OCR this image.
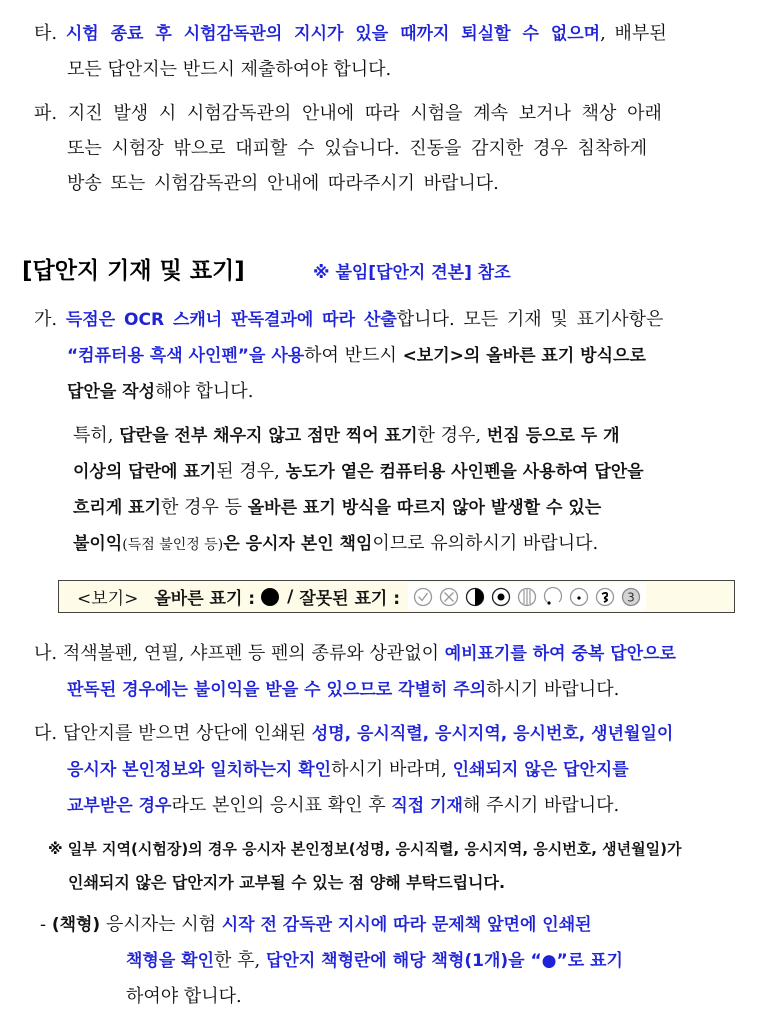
타. 시험 종료 후 시험감독관의 지시가 있을 때까지 퇴실할 수 없으며, 배부된
모든 답안지는 반드시 제출하여야 합니다.
파. 지진 발생 시 시험감독관의 안내에 따라 시험을 계속 보거나 책상 아래
또는 시험장 밖으로 대피할 수 있습니다. 진동을 감지한 경우 침착하게
방송 또는 시험감독관의 안내에 따라주시기 바랍니다.
[답안지 기재 및 표기]	※ 붙임[답안지 견본] 참조
가. 득점은 OCR 스캐너 판독결과에 따라 산출합니다. 모든 기재 및 표기사항은
“컴퓨터용 흑색 사인펜”을 사용하여 반드시 <보기>의 올바른 표기 방식으로
답안을 작성해야 합니다.
특히, 답란을 전부 채우지 않고 점만 찍어 표기한 경우, 번짐 등으로 두 개
이상의 답란에 표기된 경우, 농도가 옅은 컴퓨터용 사인펜을 사용하여 답안을
흐리게 표기한 경우 등 올바른 표기 방식을 따르지 않아 발생할 수 있는
불이익(득점 불인정 등)은 응시자 본인 책임이므로 유의하시기 바랍니다.
<보기> 올바른 표기 : / 잘못된 표기 :	3
나. 적색볼펜, 연필, 샤프펜 등 펜의 종류와 상관없이 예비표기를 하여 중복 답안으로
판독된 경우에는 불이익을 받을 수 있으므로 각별히 주의하시기 바랍니다.
다. 답안지를 받으면 상단에 인쇄된 성명, 응시직렬, 응시지역, 응시번호, 생년월일이
응시자 본인정보와 일치하는지 확인하시기 바라며, 인쇄되지 않은 답안지를
교부받은 경우라도 본인의 응시표 확인 후 직접 기재해 주시기 바랍니다.
※ 일부 지역(시험장)의 경우 응시자 본인정보(성명, 응시직렬, 응시지역, 응시번호, 생년월일)가
인쇄되지 않은 답안지가 교부될 수 있는 점 양해 부탁드립니다.
- (책형) 응시자는 시험 시작 전 감독관 지시에 따라 문제책 앞면에 인쇄된
책형을 확인한 후, 답안지 책형란에 해당 책형(1개)을 “●”로 표기
하여야 합니다.
